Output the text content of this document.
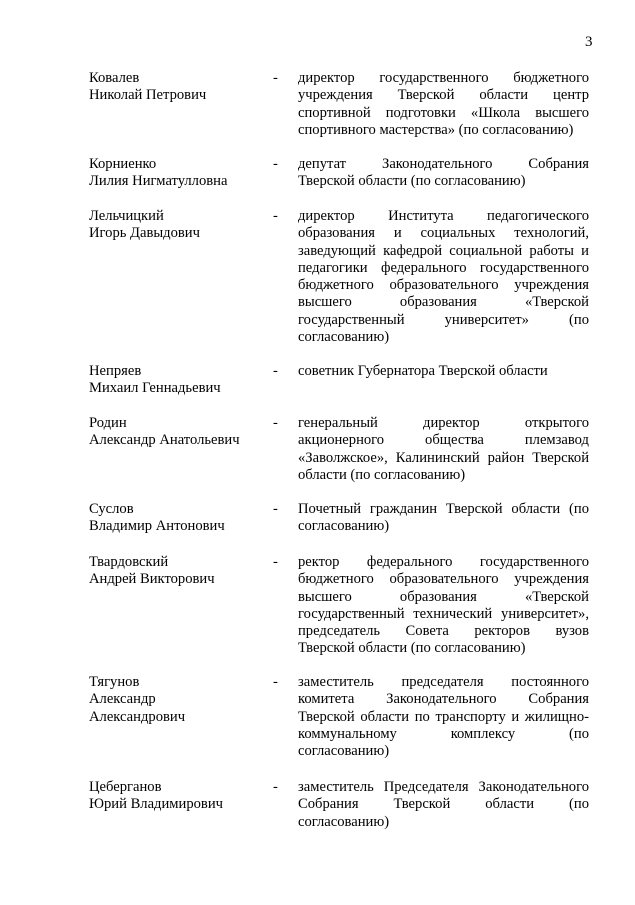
3
Ковалев
Николай Петрович
- директор государственного бюджетного
учреждения Тверской области центр
спортивной подготовки «Школа высшего
спортивного мастерства» (по согласованию)
Корниенко
Лилия Нигматулловна
- депутат Законодательного Собрания
Тверской области (по согласованию)
Лельчицкий
Игорь Давыдович
- директор Института педагогического
образования и социальных технологий,
заведующий кафедрой социальной работы и
педагогики федерального государственного
бюджетного образовательного учреждения
высшего образования «Тверской
государственный университет» (по
согласованию)
Непряев
Михаил Геннадьевич
- советник Губернатора Тверской области
Родин
Александр Анатольевич
- генеральный директор открытого
акционерного общества племзавод
«Заволжское», Калининский район Тверской
области (по согласованию)
Суслов
Владимир Антонович
- Почетный гражданин Тверской области (по
согласованию)
Твардовский
Андрей Викторович
- ректор федерального государственного
бюджетного образовательного учреждения
высшего образования «Тверской
государственный технический университет»,
председатель Совета ректоров вузов
Тверской области (по согласованию)
Тягунов
Александр
Александрович
- заместитель председателя постоянного
комитета Законодательного Собрания
Тверской области по транспорту и жилищно-
коммунальному комплексу (по
согласованию)
Цеберганов
Юрий Владимирович
- заместитель Председателя Законодательного
Собрания Тверской области (по
согласованию)
